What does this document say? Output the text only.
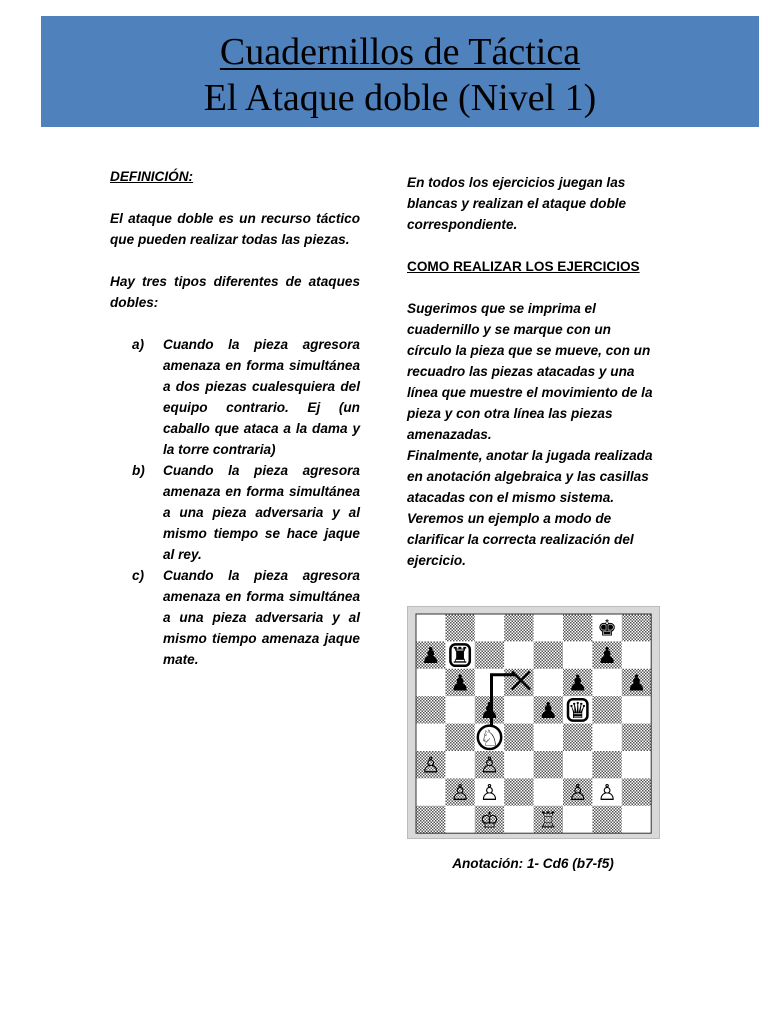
Cuadernillos de Táctica
El Ataque doble (Nivel 1)

DEFINICIÓN:

El ataque doble es un recurso táctico que pueden realizar todas las piezas.

Hay tres tipos diferentes de ataques dobles:

a) Cuando la pieza agresora amenaza en forma simultánea a dos piezas cualesquiera del equipo contrario. Ej (un caballo que ataca a la dama y la torre contraria)
b) Cuando la pieza agresora amenaza en forma simultánea a una pieza adversaria y al mismo tiempo se hace jaque al rey.
c) Cuando la pieza agresora amenaza en forma simultánea a una pieza adversaria y al mismo tiempo amenaza jaque mate.

En todos los ejercicios juegan las blancas y realizan el ataque doble correspondiente.

COMO REALIZAR LOS EJERCICIOS

Sugerimos que se imprima el cuadernillo y se marque con un círculo la pieza que se mueve, con un recuadro las piezas atacadas y una línea que muestre el movimiento de la pieza y con otra línea las piezas amenazadas.

Finalmente, anotar la jugada realizada en anotación algebraica y las casillas atacadas con el mismo sistema.

Veremos un ejemplo a modo de clarificar la correcta realización del ejercicio.

♚
♟ ♜	♟
♟	♟ ♟
♟ ♟ ♛
♘
♙ ♙
♙ ♙	♙ ♙
♔ ♖
Anotación: 1- Cd6 (b7-f5)
